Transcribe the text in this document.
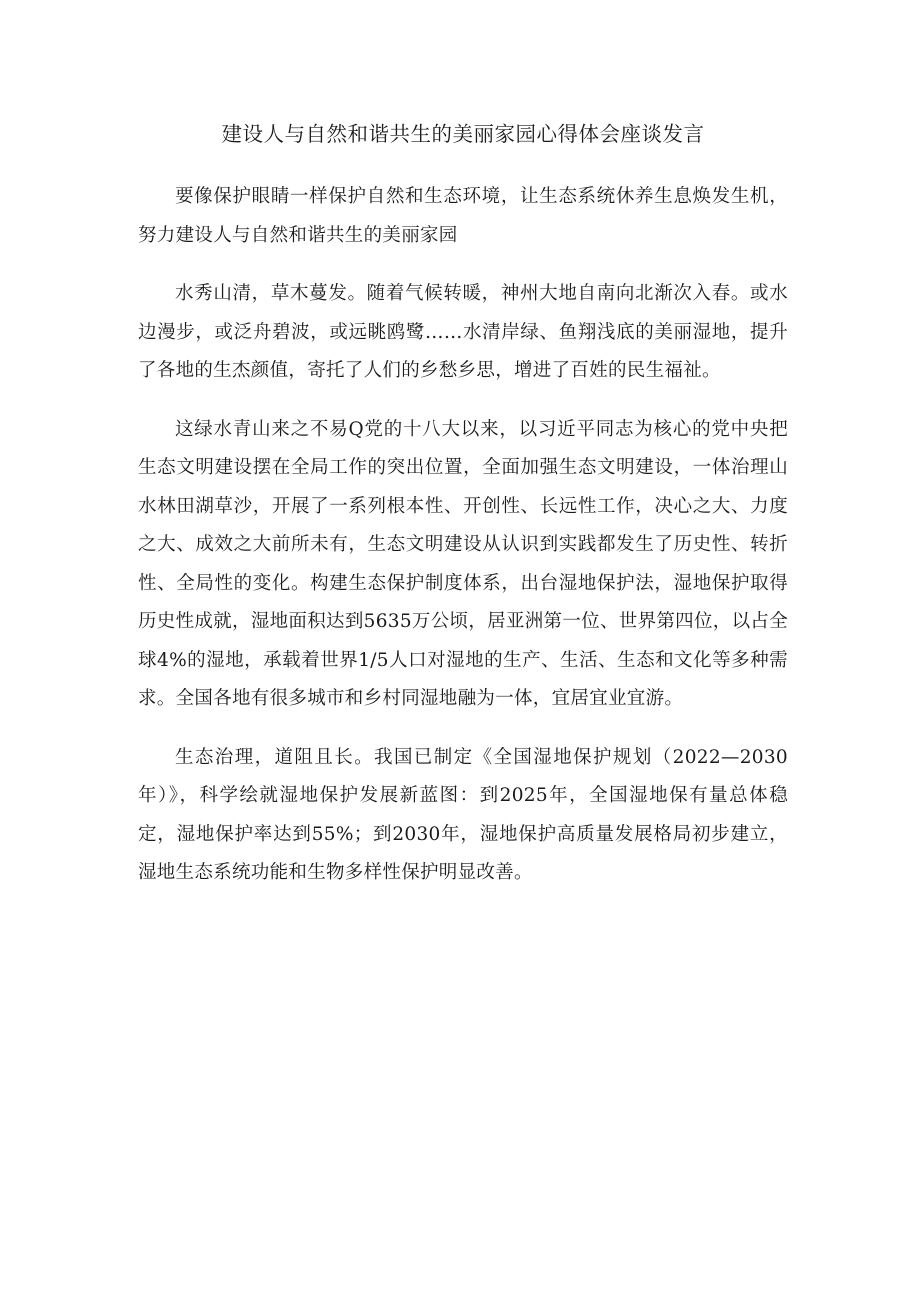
建设人与自然和谐共生的美丽家园心得体会座谈发言

要像保护眼睛一样保护自然和生态环境，让生态系统休养生息焕发生机，努力建设人与自然和谐共生的美丽家园

水秀山清，草木蔓发。随着气候转暖，神州大地自南向北渐次入春。或水边漫步，或泛舟碧波，或远眺鸥鹭……水清岸绿、鱼翔浅底的美丽湿地，提升了各地的生杰颜值，寄托了人们的乡愁乡思，增进了百姓的民生福祉。

这绿水青山来之不易Q党的十八大以来，以习近平同志为核心的党中央把生态文明建设摆在全局工作的突出位置，全面加强生态文明建设，一体治理山水林田湖草沙，开展了一系列根本性、开创性、长远性工作，决心之大、力度之大、成效之大前所未有，生态文明建设从认识到实践都发生了历史性、转折性、全局性的变化。构建生态保护制度体系，出台湿地保护法，湿地保护取得历史性成就，湿地面积达到5635万公顷，居亚洲第一位、世界第四位，以占全球4%的湿地，承载着世界1/5人口对湿地的生产、生活、生态和文化等多种需求。全国各地有很多城市和乡村同湿地融为一体，宜居宜业宜游。

生态治理，道阻且长。我国已制定《全国湿地保护规划（2022—2030年）》，科学绘就湿地保护发展新蓝图：到2025年，全国湿地保有量总体稳定，湿地保护率达到55%；到2030年，湿地保护高质量发展格局初步建立，湿地生态系统功能和生物多样性保护明显改善。
